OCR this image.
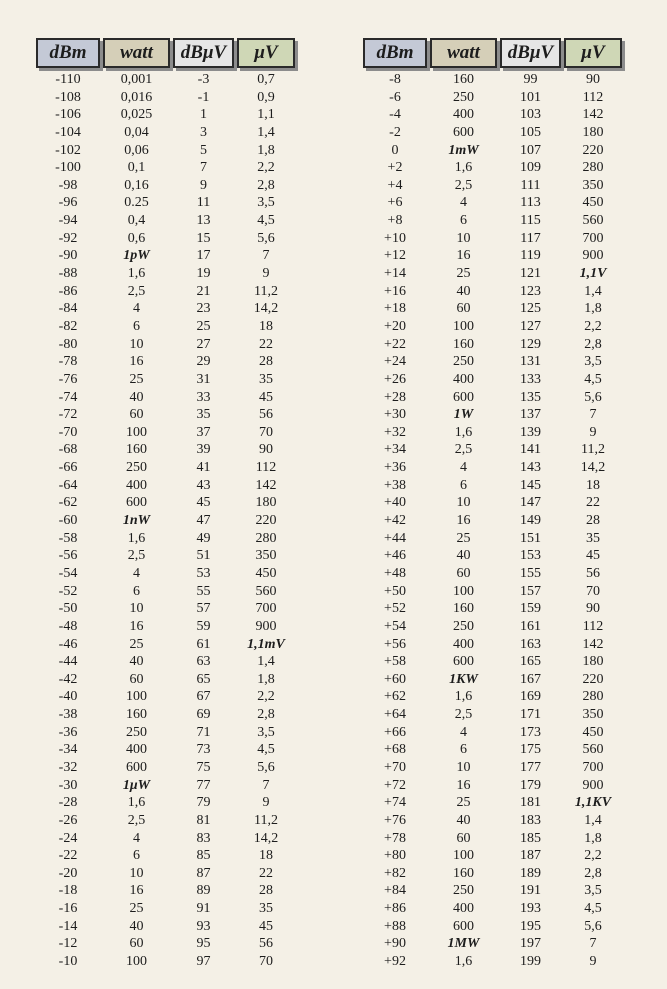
dBm	watt	dBμV	μV
-110	0,001	-3	0,7
-108	0,016	-1	0,9
-106	0,025	1	1,1
-104	0,04	3	1,4
-102	0,06	5	1,8
-100	0,1	7	2,2
-98	0,16	9	2,8
-96	0.25	11	3,5
-94	0,4	13	4,5
-92	0,6	15	5,6
-90	1pW	17	7
-88	1,6	19	9
-86	2,5	21	11,2
-84	4	23	14,2
-82	6	25	18
-80	10	27	22
-78	16	29	28
-76	25	31	35
-74	40	33	45
-72	60	35	56
-70	100	37	70
-68	160	39	90
-66	250	41	112
-64	400	43	142
-62	600	45	180
-60	1nW	47	220
-58	1,6	49	280
-56	2,5	51	350
-54	4	53	450
-52	6	55	560
-50	10	57	700
-48	16	59	900
-46	25	61	1,1mV
-44	40	63	1,4
-42	60	65	1,8
-40	100	67	2,2
-38	160	69	2,8
-36	250	71	3,5
-34	400	73	4,5
-32	600	75	5,6
-30	1μW	77	7
-28	1,6	79	9
-26	2,5	81	11,2
-24	4	83	14,2
-22	6	85	18
-20	10	87	22
-18	16	89	28
-16	25	91	35
-14	40	93	45
-12	60	95	56
-10	100	97	70
dBm	watt	dBμV	μV
-8	160	99	90
-6	250	101	112
-4	400	103	142
-2	600	105	180
0	1mW	107	220
+2	1,6	109	280
+4	2,5	111	350
+6	4	113	450
+8	6	115	560
+10	10	117	700
+12	16	119	900
+14	25	121	1,1V
+16	40	123	1,4
+18	60	125	1,8
+20	100	127	2,2
+22	160	129	2,8
+24	250	131	3,5
+26	400	133	4,5
+28	600	135	5,6
+30	1W	137	7
+32	1,6	139	9
+34	2,5	141	11,2
+36	4	143	14,2
+38	6	145	18
+40	10	147	22
+42	16	149	28
+44	25	151	35
+46	40	153	45
+48	60	155	56
+50	100	157	70
+52	160	159	90
+54	250	161	112
+56	400	163	142
+58	600	165	180
+60	1KW	167	220
+62	1,6	169	280
+64	2,5	171	350
+66	4	173	450
+68	6	175	560
+70	10	177	700
+72	16	179	900
+74	25	181	1,1KV
+76	40	183	1,4
+78	60	185	1,8
+80	100	187	2,2
+82	160	189	2,8
+84	250	191	3,5
+86	400	193	4,5
+88	600	195	5,6
+90	1MW	197	7
+92	1,6	199	9
